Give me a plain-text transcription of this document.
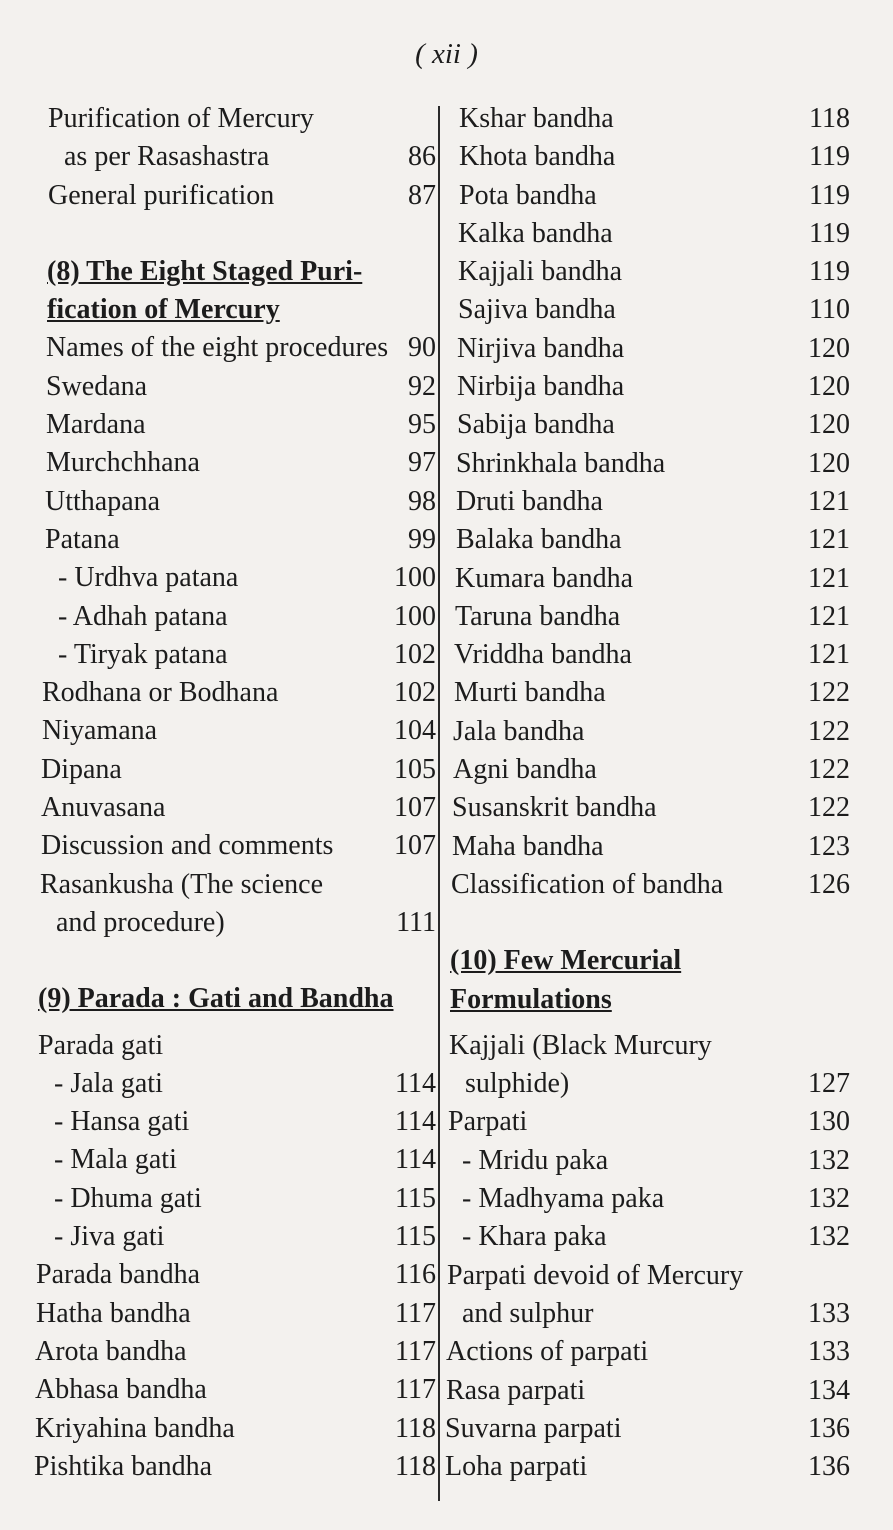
( xii )
Purification of Mercury
as per Rasashastra	86
General purification	87
(8) The Eight Staged Puri-
fication of Mercury
Names of the eight procedures 90
Swedana	92
Mardana	95
Murchchhana	97
Utthapana	98
Patana	99
- Urdhva patana	100
- Adhah patana	100
- Tiryak patana	102
Rodhana or Bodhana	102
Niyamana	104
Dipana	105
Anuvasana	107
Discussion and comments 107
Rasankusha (The science
and procedure)	111
(9) Parada : Gati and Bandha
Parada gati
- Jala gati	114
- Hansa gati	114
- Mala gati	114
- Dhuma gati	115
- Jiva gati	115
Parada bandha	116
Hatha bandha	117
Arota bandha	117
Abhasa bandha	117
Kriyahina bandha	118
Pishtika bandha	118
Kshar bandha	118
Khota bandha	119
Pota bandha	119
Kalka bandha	119
Kajjali bandha	119
Sajiva bandha	110
Nirjiva bandha	120
Nirbija bandha	120
Sabija bandha	120
Shrinkhala bandha	120
Druti bandha	121
Balaka bandha	121
Kumara bandha	121
Taruna bandha	121
Vriddha bandha	121
Murti bandha	122
Jala bandha	122
Agni bandha	122
Susanskrit bandha	122
Maha bandha	123
Classification of bandha	126
(10) Few Mercurial
Formulations
Kajjali (Black Murcury
sulphide)	127
Parpati	130
- Mridu paka	132
- Madhyama paka	132
- Khara paka	132
Parpati devoid of Mercury
and sulphur	133
Actions of parpati	133
Rasa parpati	134
Suvarna parpati	136
Loha parpati	136
